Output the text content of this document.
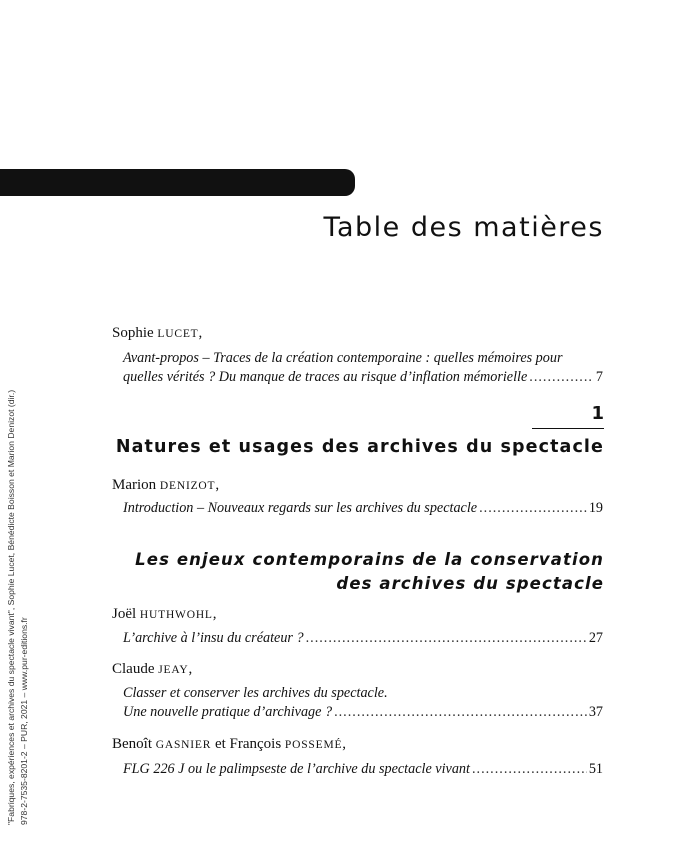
"Fabriques, expériences et archives du spectacle vivant", Sophie Lucet, Bénédicte Boisson et Marion Denizot (dir.) 978-2-7535-8201-2 – PUR, 2021 – www.pur-editions.fr
Table des matières
Sophie LUCET,
Avant-propos – Traces de la création contemporaine : quelles mémoires pour
quelles vérités ? Du manque de traces au risque d’inflation mémorielle .....	7
1
Natures et usages des archives du spectacle
Marion DENIZOT,
Introduction – Nouveaux regards sur les archives du spectacle .....	19
Les enjeux contemporains de la conservation
des archives du spectacle
Joël HUTHWOHL,
L’archive à l’insu du créateur ? .....	27
Claude JEAY,
Classer et conserver les archives du spectacle.
Une nouvelle pratique d’archivage ? .....	37
Benoît GASNIER et François POSSEMÉ,
FLG 226 J ou le palimpseste de l’archive du spectacle vivant .....	51
